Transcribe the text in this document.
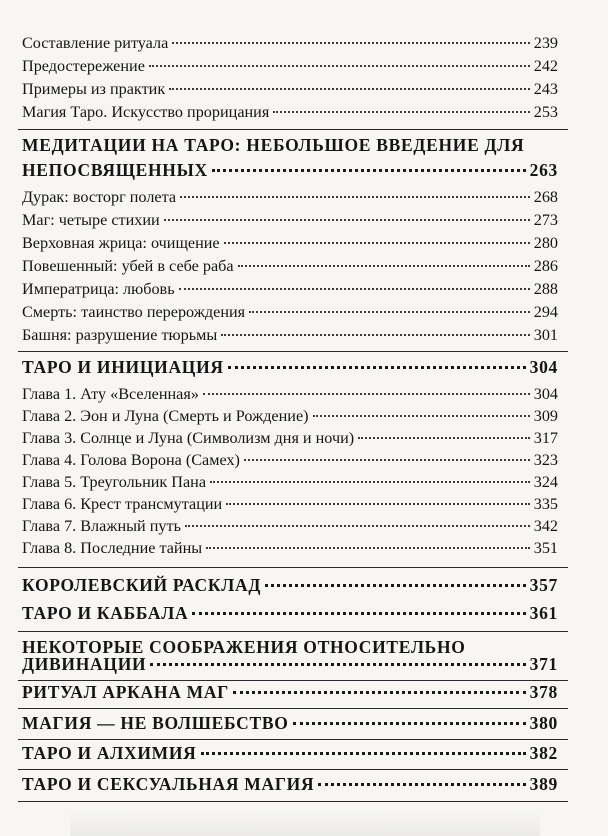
Составление ритуала	239
Предостережение	242
Примеры из практик	243
Магия Таро. Искусство прорицания	253
МЕДИТАЦИИ НА ТАРО: НЕБОЛЬШОЕ ВВЕДЕНИЕ ДЛЯ
НЕПОСВЯЩЕННЫХ	263
Дурак: восторг полета	268
Маг: четыре стихии	273
Верховная жрица: очищение	280
Повешенный: убей в себе раба	286
Императрица: любовь	288
Смерть: таинство перерождения	294
Башня: разрушение тюрьмы	301
ТАРО И ИНИЦИАЦИЯ	304
Глава 1. Ату «Вселенная»	304
Глава 2. Эон и Луна (Смерть и Рождение)	309
Глава 3. Солнце и Луна (Символизм дня и ночи)	317
Глава 4. Голова Ворона (Самех)	323
Глава 5. Треугольник Пана	324
Глава 6. Крест трансмутации	335
Глава 7. Влажный путь	342
Глава 8. Последние тайны	351
КОРОЛЕВСКИЙ РАСКЛАД	357
ТАРО И КАББАЛА	361
НЕКОТОРЫЕ СООБРАЖЕНИЯ ОТНОСИТЕЛЬНО
ДИВИНАЦИИ	371
РИТУАЛ АРКАНА МАГ	378
МАГИЯ — НЕ ВОЛШЕБСТВО	380
ТАРО И АЛХИМИЯ	382
ТАРО И СЕКСУАЛЬНАЯ МАГИЯ	389
